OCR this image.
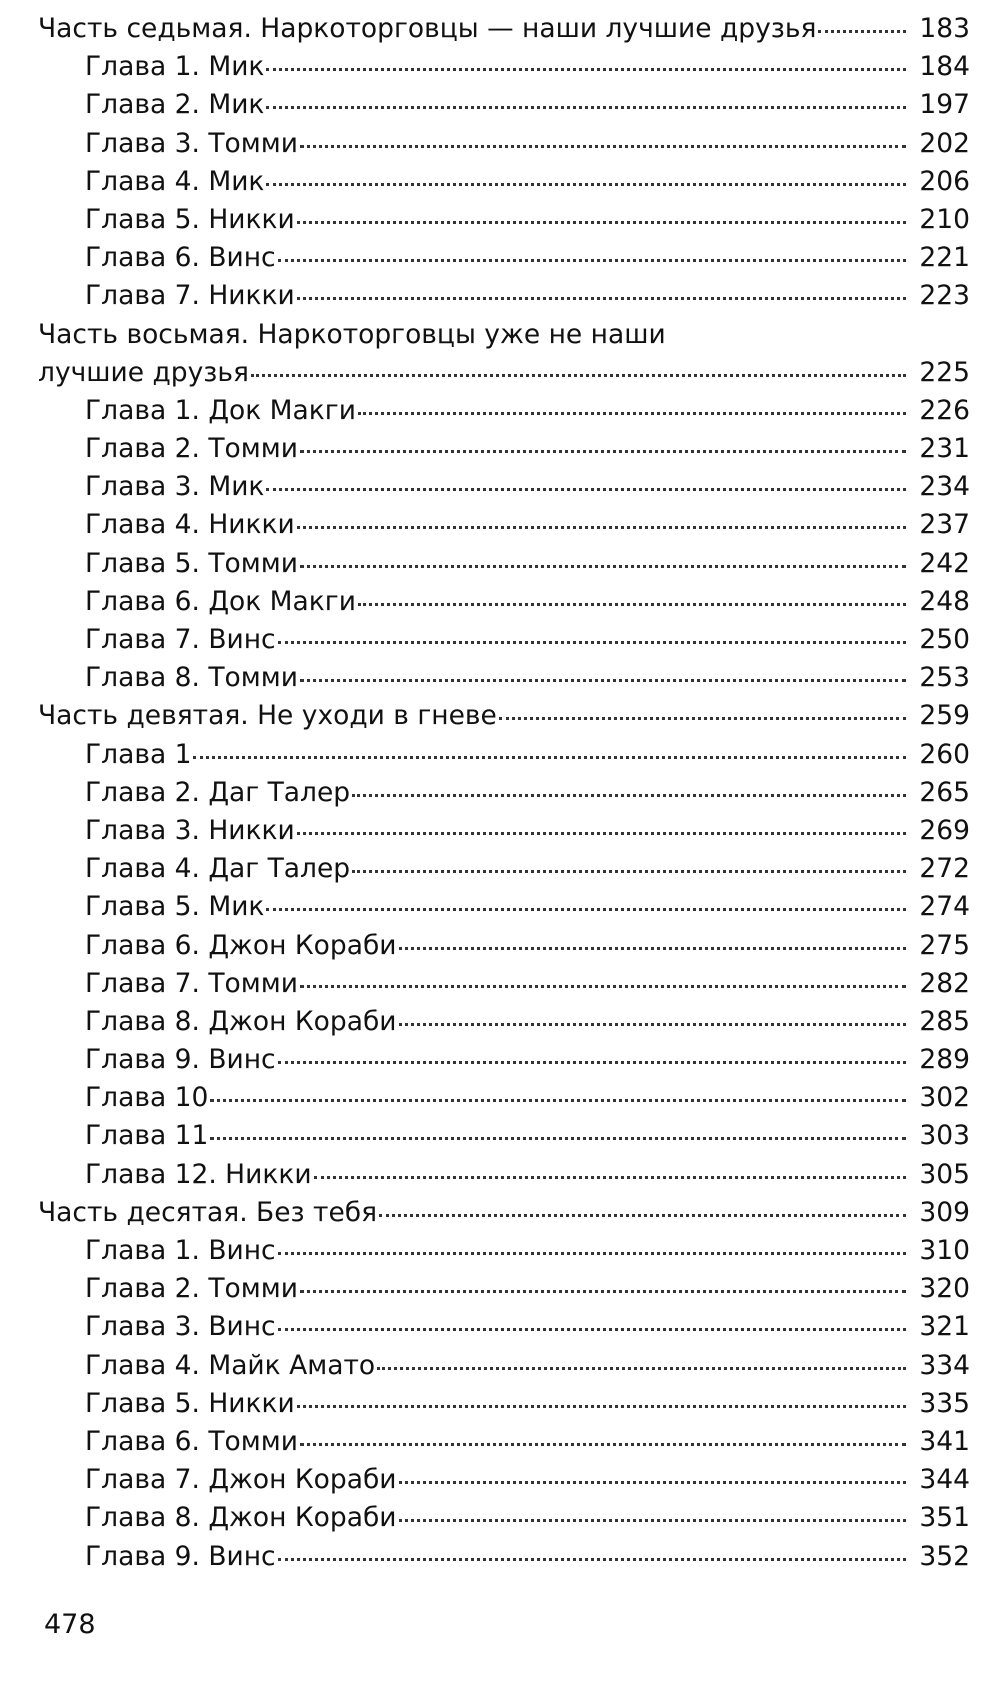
Часть седьмая. Наркоторговцы — наши лучшие друзья	183
Глава 1. Мик	184
Глава 2. Мик	197
Глава 3. Томми	202
Глава 4. Мик	206
Глава 5. Никки	210
Глава 6. Винс	221
Глава 7. Никки	223
Часть восьмая. Наркоторговцы уже не наши
лучшие друзья	225
Глава 1. Док Макги	226
Глава 2. Томми	231
Глава 3. Мик	234
Глава 4. Никки	237
Глава 5. Томми	242
Глава 6. Док Макги	248
Глава 7. Винс	250
Глава 8. Томми	253
Часть девятая. Не уходи в гневе	259
Глава 1	260
Глава 2. Даг Талер	265
Глава 3. Никки	269
Глава 4. Даг Талер	272
Глава 5. Мик	274
Глава 6. Джон Кораби	275
Глава 7. Томми	282
Глава 8. Джон Кораби	285
Глава 9. Винс	289
Глава 10	302
Глава 11	303
Глава 12. Никки	305
Часть десятая. Без тебя	309
Глава 1. Винс	310
Глава 2. Томми	320
Глава 3. Винс	321
Глава 4. Майк Амато	334
Глава 5. Никки	335
Глава 6. Томми	341
Глава 7. Джон Кораби	344
Глава 8. Джон Кораби	351
Глава 9. Винс	352
478
